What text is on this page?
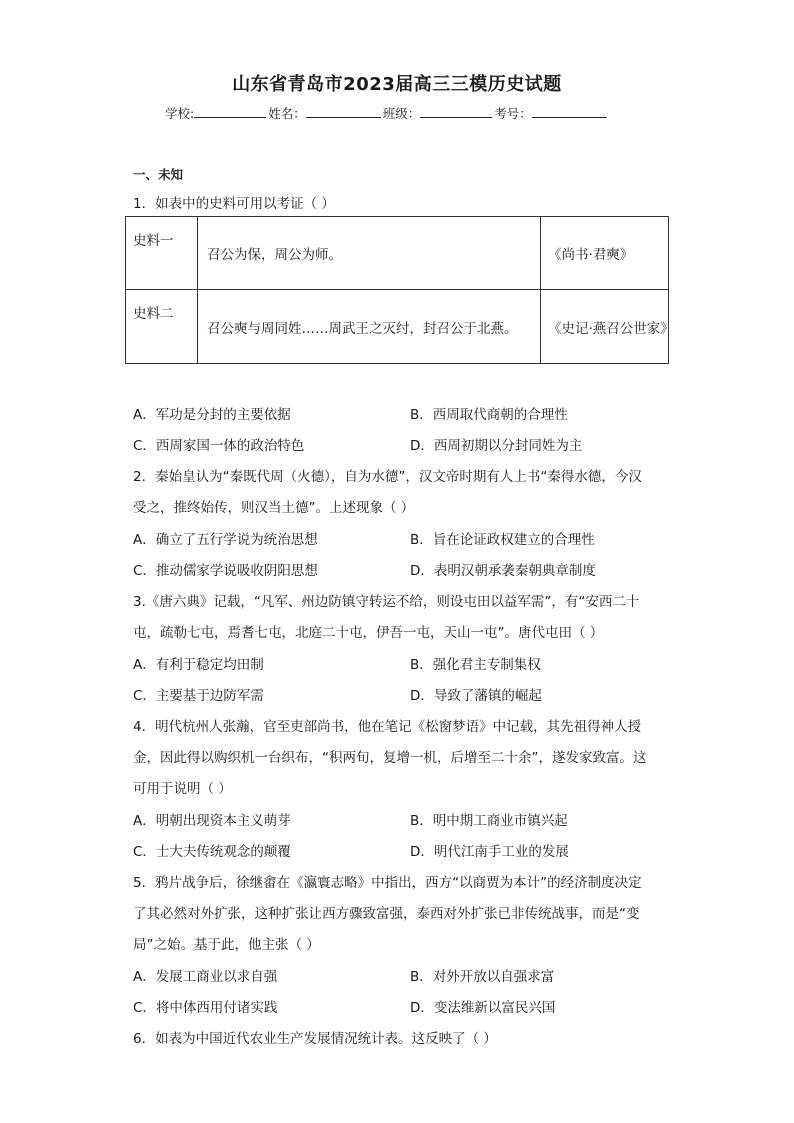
山东省青岛市2023届高三三模历史试题
学校:	姓名：	班级：	考号：
一、未知
1．如表中的史料可用以考证（ ）
史料一	召公为保，周公为师。	《尚书·君奭》
史料二	召公奭与周同姓……周武王之灭纣，封召公于北燕。	《史记·燕召公世家》
A．军功是分封的主要依据	B．西周取代商朝的合理性
C．西周家国一体的政治特色	D．西周初期以分封同姓为主
2．秦始皇认为“秦既代周（火德），自为水德”，汉文帝时期有人上书“秦得水德，今汉
受之，推终始传，则汉当土德”。上述现象（ ）
A．确立了五行学说为统治思想	B．旨在论证政权建立的合理性
C．推动儒家学说吸收阴阳思想	D．表明汉朝承袭秦朝典章制度
3.《唐六典》记载，“凡军、州边防镇守转运不给，则设屯田以益军需”，有“安西二十
屯，疏勒七屯，焉耆七屯，北庭二十屯，伊吾一屯，天山一屯”。唐代屯田（ ）
A．有利于稳定均田制	B．强化君主专制集权
C．主要基于边防军需	D．导致了藩镇的崛起
4．明代杭州人张瀚，官至吏部尚书，他在笔记《松窗梦语》中记载，其先祖得神人授
金，因此得以购织机一台织布，“积两旬，复增一机，后增至二十余”，遂发家致富。这
可用于说明（ ）
A．明朝出现资本主义萌芽	B．明中期工商业市镇兴起
C．士大夫传统观念的颠覆	D．明代江南手工业的发展
5．鸦片战争后，徐继畬在《瀛寰志略》中指出，西方“以商贾为本计”的经济制度决定
了其必然对外扩张，这种扩张让西方骤致富强，泰西对外扩张已非传统战事，而是“变
局”之始。基于此，他主张（ ）
A．发展工商业以求自强	B．对外开放以自强求富
C．将中体西用付诸实践	D．变法维新以富民兴国
6．如表为中国近代农业生产发展情况统计表。这反映了（ ）
